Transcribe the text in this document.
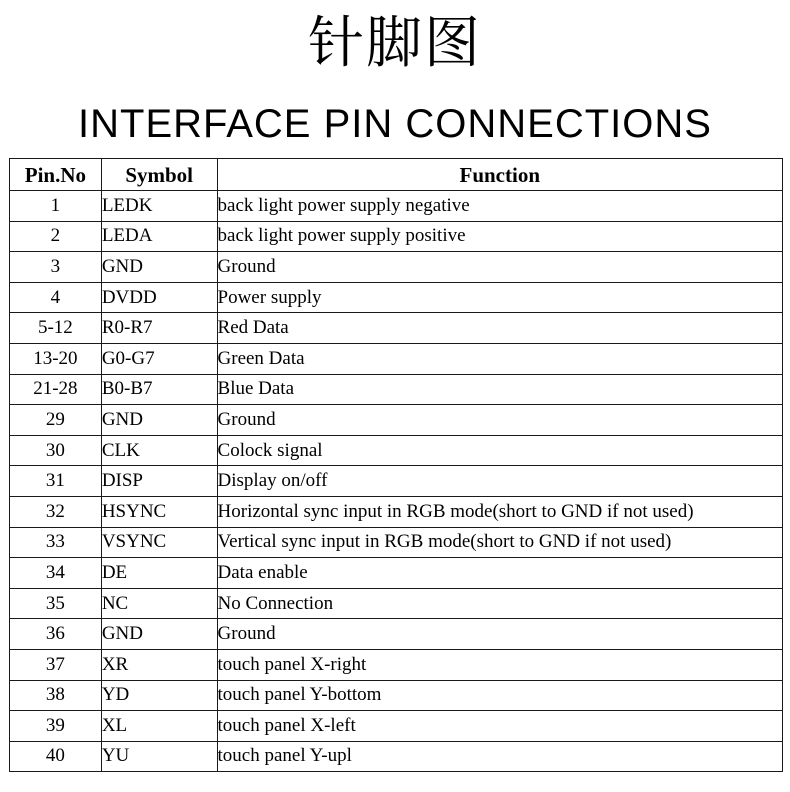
针脚图
INTERFACE PIN CONNECTIONS
Pin.No	Symbol	Function
1	LEDK	back light power supply negative
2	LEDA	back light power supply positive
3	GND	Ground
4	DVDD	Power supply
5-12	R0-R7	Red Data
13-20	G0-G7	Green Data
21-28	B0-B7	Blue Data
29	GND	Ground
30	CLK	Colock signal
31	DISP	Display on/off
32	HSYNC	Horizontal sync input in RGB mode(short to GND if not used)
33	VSYNC	Vertical sync input in RGB mode(short to GND if not used)
34	DE	Data enable
35	NC	No Connection
36	GND	Ground
37	XR	touch panel X-right
38	YD	touch panel Y-bottom
39	XL	touch panel X-left
40	YU	touch panel Y-upl
